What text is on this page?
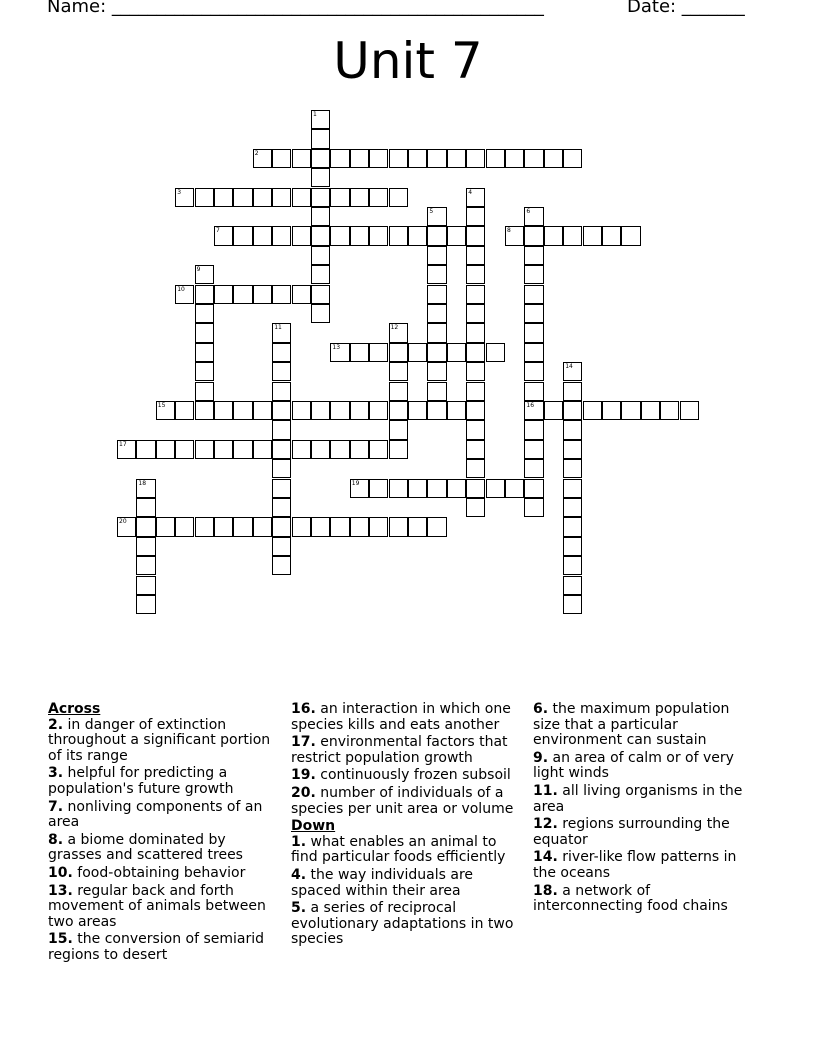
Name: ________________________________________________	Date: _______
Unit 7
1
2
3	4
5	6
16
7	8
9
10
11	12
13
14
15
17
18	19
20
Across
2. in danger of extinction throughout a significant portion of its range
3. helpful for predicting a population's future growth
7. nonliving components of an area
8. a biome dominated by grasses and scattered trees
10. food-obtaining behavior
13. regular back and forth movement of animals between two areas
15. the conversion of semiarid regions to desert
16. an interaction in which one species kills and eats another
17. environmental factors that restrict population growth
19. continuously frozen subsoil
20. number of individuals of a species per unit area or volume
Down
1. what enables an animal to find particular foods efficiently
4. the way individuals are spaced within their area
5. a series of reciprocal evolutionary adaptations in two species
6. the maximum population size that a particular environment can sustain
9. an area of calm or of very light winds
11. all living organisms in the area
12. regions surrounding the equator
14. river-like flow patterns in the oceans
18. a network of interconnecting food chains
